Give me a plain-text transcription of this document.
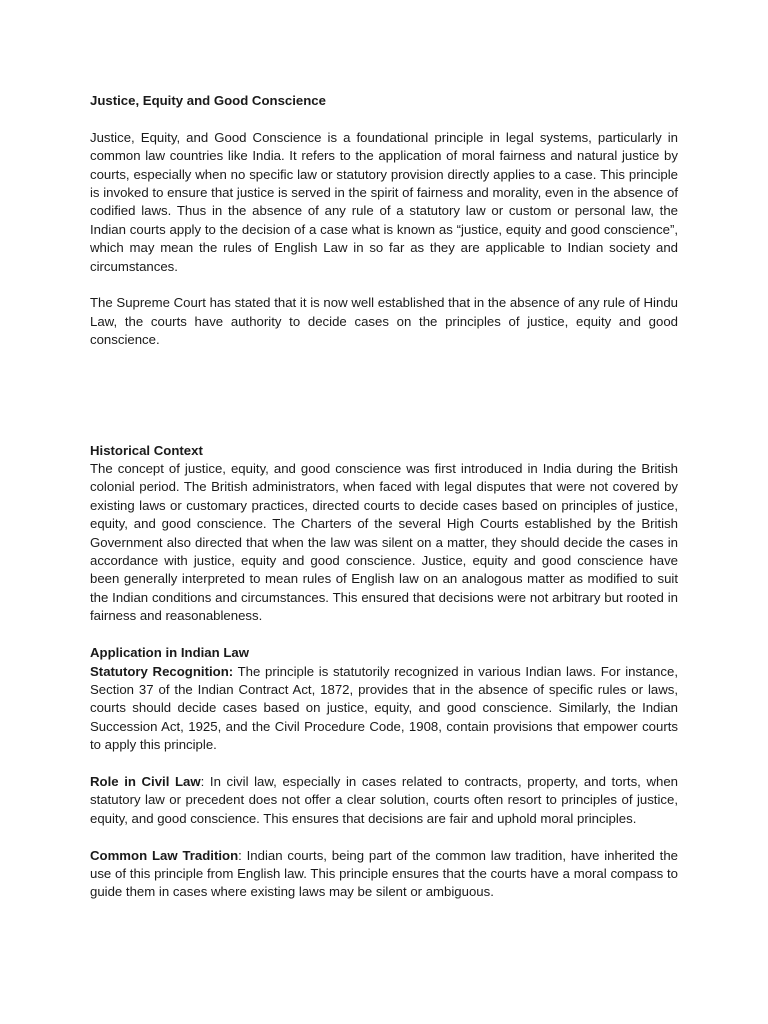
Justice, Equity and Good Conscience

Justice, Equity, and Good Conscience is a foundational principle in legal systems, particularly in common law countries like India. It refers to the application of moral fairness and natural justice by courts, especially when no specific law or statutory provision directly applies to a case. This principle is invoked to ensure that justice is served in the spirit of fairness and morality, even in the absence of codified laws. Thus in the absence of any rule of a statutory law or custom or personal law, the Indian courts apply to the decision of a case what is known as “justice, equity and good conscience”, which may mean the rules of English Law in so far as they are applicable to Indian society and circumstances.

The Supreme Court has stated that it is now well established that in the absence of any rule of Hindu Law, the courts have authority to decide cases on the principles of justice, equity and good conscience.

Historical Context
The concept of justice, equity, and good conscience was first introduced in India during the British colonial period. The British administrators, when faced with legal disputes that were not covered by existing laws or customary practices, directed courts to decide cases based on principles of justice, equity, and good conscience. The Charters of the several High Courts established by the British Government also directed that when the law was silent on a matter, they should decide the cases in accordance with justice, equity and good conscience. Justice, equity and good conscience have been generally interpreted to mean rules of English law on an analogous matter as modified to suit the Indian conditions and circumstances. This ensured that decisions were not arbitrary but rooted in fairness and reasonableness.

Application in Indian Law
Statutory Recognition: The principle is statutorily recognized in various Indian laws. For instance, Section 37 of the Indian Contract Act, 1872, provides that in the absence of specific rules or laws, courts should decide cases based on justice, equity, and good conscience. Similarly, the Indian Succession Act, 1925, and the Civil Procedure Code, 1908, contain provisions that empower courts to apply this principle.

Role in Civil Law: In civil law, especially in cases related to contracts, property, and torts, when statutory law or precedent does not offer a clear solution, courts often resort to principles of justice, equity, and good conscience. This ensures that decisions are fair and uphold moral principles.

Common Law Tradition: Indian courts, being part of the common law tradition, have inherited the use of this principle from English law. This principle ensures that the courts have a moral compass to guide them in cases where existing laws may be silent or ambiguous.
